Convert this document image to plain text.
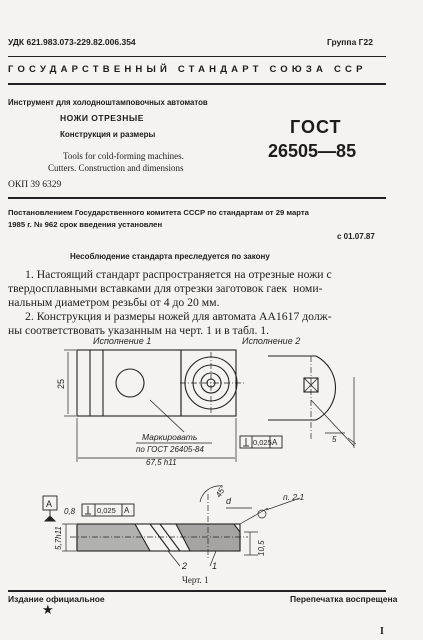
УДК 621.983.073-229.82.006.354	Группа Г22
ГОСУДАРСТВЕННЫЙ СТАНДАРТ СОЮЗА ССР
Инструмент для холодноштамповочных автоматов
НОЖИ ОТРЕЗНЫЕ
Конструкция и размеры
Tools for cold-forming machines.
Cutters. Construction and dimensions
ОКП 39 6329
ГОСТ
26505—85
Постановлением Государственного комитета СССР по стандартам от 29 марта
1985 г. № 962 срок введения установлен
с 01.07.87
Несоблюдение стандарта преследуется по закону
1. Настоящий стандарт распространяется на отрезные ножи с
твердосплавными вставками для отрезки заготовок гаек  номи-
нальным диаметром резьбы от 4 до 20 мм.
2. Конструкция и размеры ножей для автомата АА1617 долж-
ны соответствовать указанным на черт. 1 и в табл. 1.
Исполнение 1	Исполнение 2
25
Маркировать
по ГОСТ 26405-84
67,5 h11
0,025 А	5
А
0,8	0,025 А
5,7h11
45°
d	п. 2.1
10,5
2	1
Черт. 1
Издание официальное	Перепечатка воспрещена
★
I
